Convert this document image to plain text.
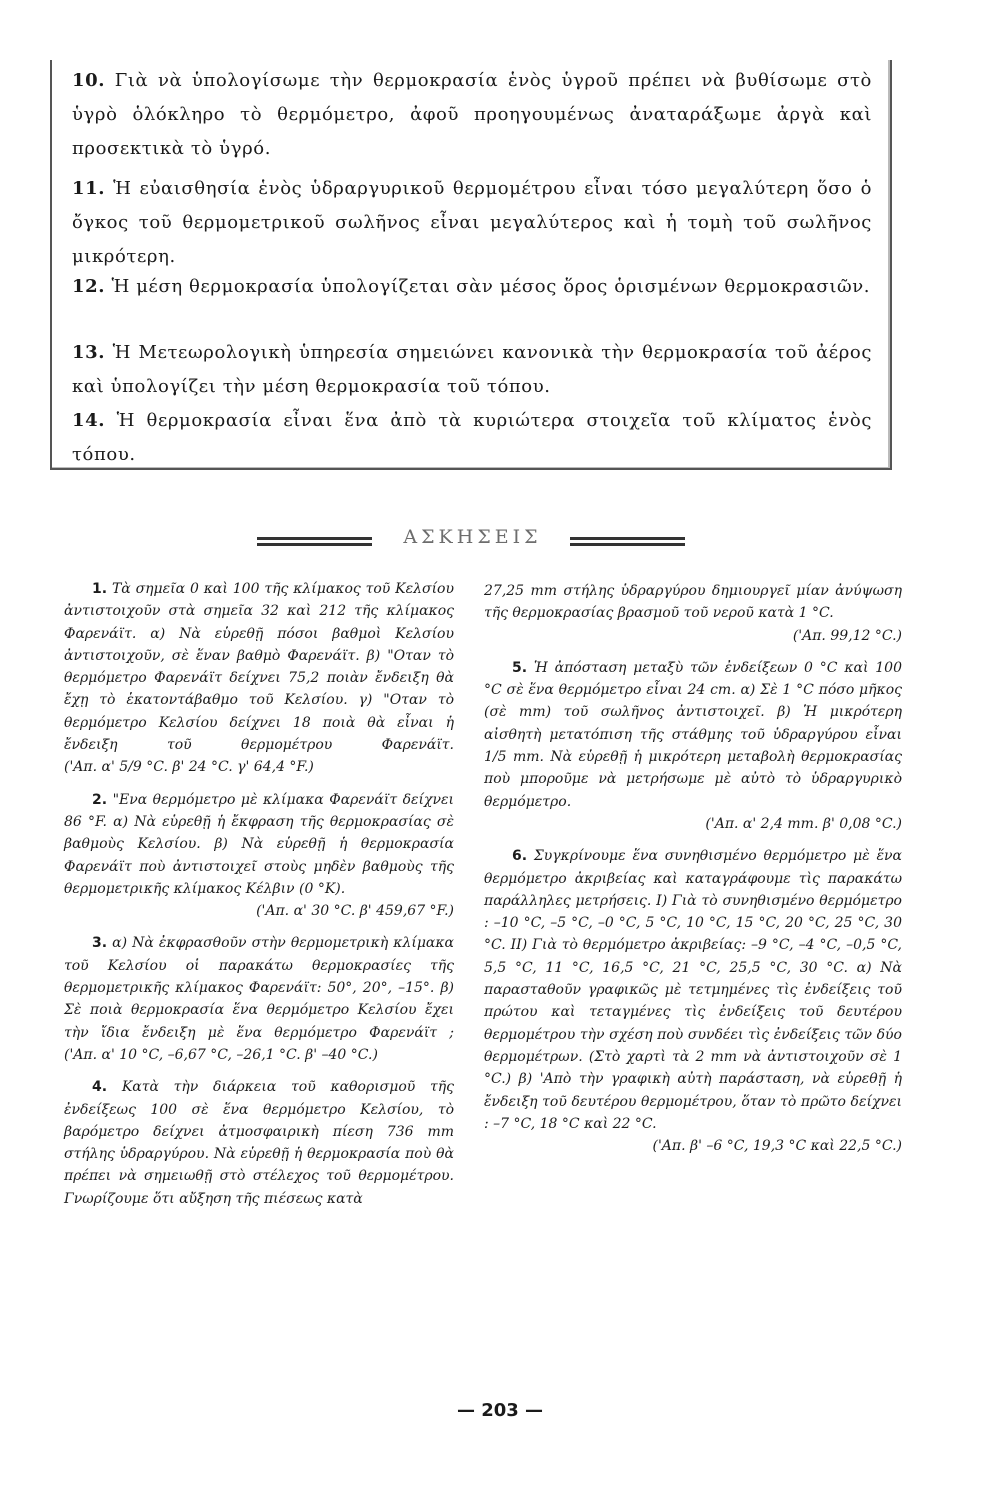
10. Γιὰ νὰ ὑπολογίσωμε τὴν θερμοκρασία ἑνὸς ὑγροῦ πρέπει νὰ βυθίσωμε στὸ ὑγρὸ ὁλόκληρο τὸ θερμόμετρο, ἀφοῦ προηγουμένως ἀναταράξωμε ἀργὰ καὶ προσεκτικὰ τὸ ὑγρό.

11. Ἡ εὐαισθησία ἑνὸς ὑδραργυρικοῦ θερμομέτρου εἶναι τόσο μεγαλύτερη ὅσο ὁ ὄγκος τοῦ θερμομετρικοῦ σωλῆνος εἶναι μεγαλύτερος καὶ ἡ τομὴ τοῦ σωλῆνος μικρότερη.

12. Ἡ μέση θερμοκρασία ὑπολογίζεται σὰν μέσος ὅρος ὁρισμένων θερμοκρασιῶν.

13. Ἡ Μετεωρολογικὴ ὑπηρεσία σημειώνει κανονικὰ τὴν θερμοκρασία τοῦ ἀέρος καὶ ὑπολογίζει τὴν μέση θερμοκρασία τοῦ τόπου.

14. Ἡ θερμοκρασία εἶναι ἕνα ἀπὸ τὰ κυριώτερα στοιχεῖα τοῦ κλίματος ἑνὸς τόπου.

ΑΣΚΗΣΕΙΣ

1. Τὰ σημεῖα 0 καὶ 100 τῆς κλίμακος τοῦ Κελσίου ἀντιστοιχοῦν στὰ σημεῖα 32 καὶ 212 τῆς κλίμακος Φαρενάϊτ. α) Νὰ εὑρεθῇ πόσοι βαθμοὶ Κελσίου ἀντιστοιχοῦν, σὲ ἕναν βαθμὸ Φαρενάϊτ. β) "Οταν τὸ θερμόμετρο Φαρενάϊτ δείχνει 75,2 ποιὰν ἔνδειξη θὰ ἔχῃ τὸ ἑκατοντάβαθμο τοῦ Κελσίου. γ) "Οταν τὸ θερμόμετρο Κελσίου δείχνει 18 ποιὰ θὰ εἶναι ἡ ἔνδειξη τοῦ θερμομέτρου Φαρενάϊτ. ('Απ. α' 5/9 °C. β' 24 °C. γ' 64,4 °F.)

2. "Ενα θερμόμετρο μὲ κλίμακα Φαρενάϊτ δείχνει 86 °F. α) Νὰ εὑρεθῇ ἡ ἔκφραση τῆς θερμοκρασίας σὲ βαθμοὺς Κελσίου. β) Νὰ εὑρεθῇ ἡ θερμοκρασία Φαρενάϊτ ποὺ ἀντιστοιχεῖ στοὺς μηδὲν βαθμοὺς τῆς θερμομετρικῆς κλίμακος Κέλβιν (0 °K).
('Απ. α' 30 °C. β' 459,67 °F.)

3. α) Νὰ ἐκφρασθοῦν στὴν θερμομετρικὴ κλίμακα τοῦ Κελσίου οἱ παρακάτω θερμοκρασίες τῆς θερμομετρικῆς κλίμακος Φαρενάϊτ: 50°, 20°, –15°. β) Σὲ ποιὰ θερμοκρασία ἕνα θερμόμετρο Κελσίου ἔχει τὴν ἴδια ἔνδειξη μὲ ἕνα θερμόμετρο Φαρενάϊτ ; ('Απ. α' 10 °C, –6,67 °C, –26,1 °C. β' –40 °C.)

4. Κατὰ τὴν διάρκεια τοῦ καθορισμοῦ τῆς ἐνδείξεως 100 σὲ ἕνα θερμόμετρο Κελσίου, τὸ βαρόμετρο δείχνει ἀτμοσφαιρικὴ πίεση 736 mm στήλης ὑδραργύρου. Νὰ εὑρεθῇ ἡ θερμοκρασία ποὺ θὰ πρέπει νὰ σημειωθῇ στὸ στέλεχος τοῦ θερμομέτρου. Γνωρίζουμε ὅτι αὔξηση τῆς πιέσεως κατὰ

27,25 mm στήλης ὑδραργύρου δημιουργεῖ μίαν ἀνύψωση τῆς θερμοκρασίας βρασμοῦ τοῦ νεροῦ κατὰ 1 °C.
('Απ. 99,12 °C.)

5. Ἡ ἀπόσταση μεταξὺ τῶν ἐνδείξεων 0 °C καὶ 100 °C σὲ ἕνα θερμόμετρο εἶναι 24 cm. α) Σὲ 1 °C πόσο μῆκος (σὲ mm) τοῦ σωλῆνος ἀντιστοιχεῖ. β) Ἡ μικρότερη αἰσθητὴ μετατόπιση τῆς στάθμης τοῦ ὑδραργύρου εἶναι 1/5 mm. Νὰ εὑρεθῇ ἡ μικρότερη μεταβολὴ θερμοκρασίας ποὺ μποροῦμε νὰ μετρήσωμε μὲ αὐτὸ τὸ ὑδραργυρικὸ θερμόμετρο.
('Απ. α' 2,4 mm. β' 0,08 °C.)

6. Συγκρίνουμε ἕνα συνηθισμένο θερμόμετρο μὲ ἕνα θερμόμετρο ἀκριβείας καὶ καταγράφουμε τὶς παρακάτω παράλληλες μετρήσεις. I) Γιὰ τὸ συνηθισμένο θερμόμετρο : –10 °C, –5 °C, –0 °C, 5 °C, 10 °C, 15 °C, 20 °C, 25 °C, 30 °C. II) Γιὰ τὸ θερμόμετρο ἀκριβείας: –9 °C, –4 °C, –0,5 °C, 5,5 °C, 11 °C, 16,5 °C, 21 °C, 25,5 °C, 30 °C. α) Νὰ παρασταθοῦν γραφικῶς μὲ τετμημένες τὶς ἐνδείξεις τοῦ πρώτου καὶ τεταγμένες τὶς ἐνδείξεις τοῦ δευτέρου θερμομέτρου τὴν σχέση ποὺ συνδέει τὶς ἐνδείξεις τῶν δύο θερμομέτρων. (Στὸ χαρτὶ τὰ 2 mm νὰ ἀντιστοιχοῦν σὲ 1 °C.) β) 'Απὸ τὴν γραφικὴ αὐτὴ παράσταση, νὰ εὑρεθῇ ἡ ἔνδειξη τοῦ δευτέρου θερμομέτρου, ὅταν τὸ πρῶτο δείχνει : –7 °C, 18 °C καὶ 22 °C.
('Απ. β' –6 °C, 19,3 °C καὶ 22,5 °C.)

— 203 —
